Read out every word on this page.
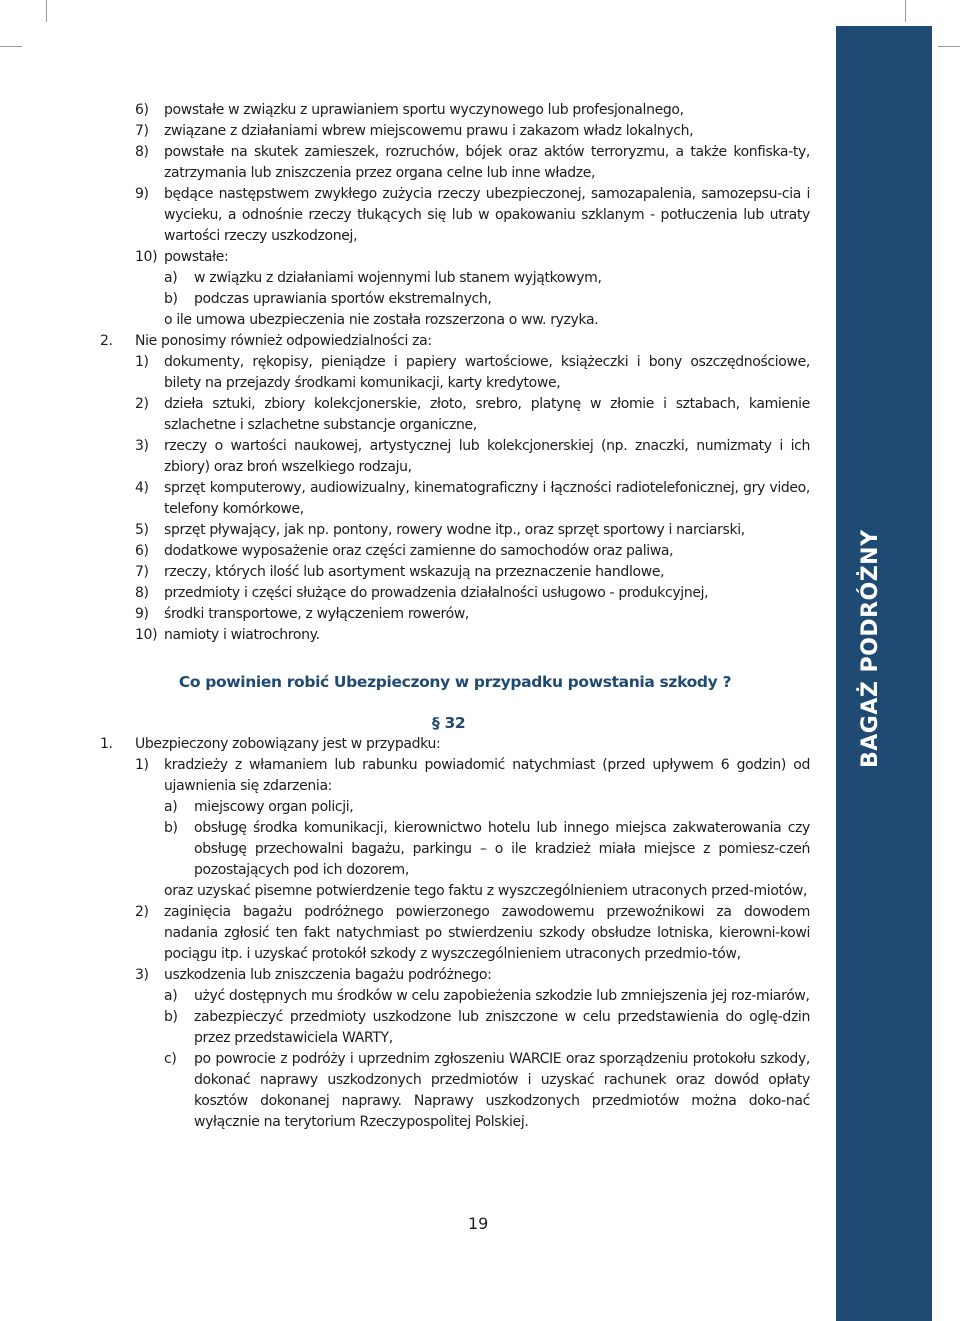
BAGAŻ PODRÓŻNY
6)	powstałe w związku z uprawianiem sportu wyczynowego lub profesjonalnego,
7)	związane z działaniami wbrew miejscowemu prawu i zakazom władz lokalnych,
8)	powstałe na skutek zamieszek, rozruchów, bójek oraz aktów terroryzmu, a także konfiska-ty, zatrzymania lub zniszczenia przez organa celne lub inne władze,
9)	będące następstwem zwykłego zużycia rzeczy ubezpieczonej, samozapalenia, samozepsu-cia i wycieku, a odnośnie rzeczy tłukących się lub w opakowaniu szklanym - potłuczenia lub utraty wartości rzeczy uszkodzonej,
10) powstałe:
a)	w związku z działaniami wojennymi lub stanem wyjątkowym,
b)	podczas uprawiania sportów ekstremalnych,
o ile umowa ubezpieczenia nie została rozszerzona o ww. ryzyka.
2.	Nie ponosimy również odpowiedzialności za:
1)	dokumenty, rękopisy, pieniądze i papiery wartościowe, książeczki i bony oszczędnościowe, bilety na przejazdy środkami komunikacji, karty kredytowe,
2)	dzieła sztuki, zbiory kolekcjonerskie, złoto, srebro, platynę w złomie i sztabach, kamienie szlachetne i szlachetne substancje organiczne,
3)	rzeczy o wartości naukowej, artystycznej lub kolekcjonerskiej (np. znaczki, numizmaty i ich zbiory) oraz broń wszelkiego rodzaju,
4)	sprzęt komputerowy, audiowizualny, kinematograficzny i łączności radiotelefonicznej, gry video, telefony komórkowe,
5)	sprzęt pływający, jak np. pontony, rowery wodne itp., oraz sprzęt sportowy i narciarski,
6)	dodatkowe wyposażenie oraz części zamienne do samochodów oraz paliwa,
7)	rzeczy, których ilość lub asortyment wskazują na przeznaczenie handlowe,
8)	przedmioty i części służące do prowadzenia działalności usługowo - produkcyjnej,
9)	środki transportowe, z wyłączeniem rowerów,
10) namioty i wiatrochrony.
Co powinien robić Ubezpieczony w przypadku powstania szkody ?
§ 32
1.	Ubezpieczony zobowiązany jest w przypadku:
1)	kradzieży z włamaniem lub rabunku powiadomić natychmiast (przed upływem 6 godzin) od ujawnienia się zdarzenia:
a)	miejscowy organ policji,
b)	obsługę środka komunikacji, kierownictwo hotelu lub innego miejsca zakwaterowania czy obsługę przechowalni bagażu, parkingu – o ile kradzież miała miejsce z pomiesz-czeń pozostających pod ich dozorem,
oraz uzyskać pisemne potwierdzenie tego faktu z wyszczególnieniem utraconych przed-miotów,
2)	zaginięcia bagażu podróżnego powierzonego zawodowemu przewoźnikowi za dowodem nadania zgłosić ten fakt natychmiast po stwierdzeniu szkody obsłudze lotniska, kierowni-kowi pociągu itp. i uzyskać protokół szkody z wyszczególnieniem utraconych przedmio-tów,
3)	uszkodzenia lub zniszczenia bagażu podróżnego:
a)	użyć dostępnych mu środków w celu zapobieżenia szkodzie lub zmniejszenia jej roz-miarów,
b)	zabezpieczyć przedmioty uszkodzone lub zniszczone w celu przedstawienia do oglę-dzin przez przedstawiciela WARTY,
c)	po powrocie z podróży i uprzednim zgłoszeniu WARCIE oraz sporządzeniu protokołu szkody, dokonać naprawy uszkodzonych przedmiotów i uzyskać rachunek oraz dowód opłaty kosztów dokonanej naprawy. Naprawy uszkodzonych przedmiotów można doko-nać wyłącznie na terytorium Rzeczypospolitej Polskiej.
19
